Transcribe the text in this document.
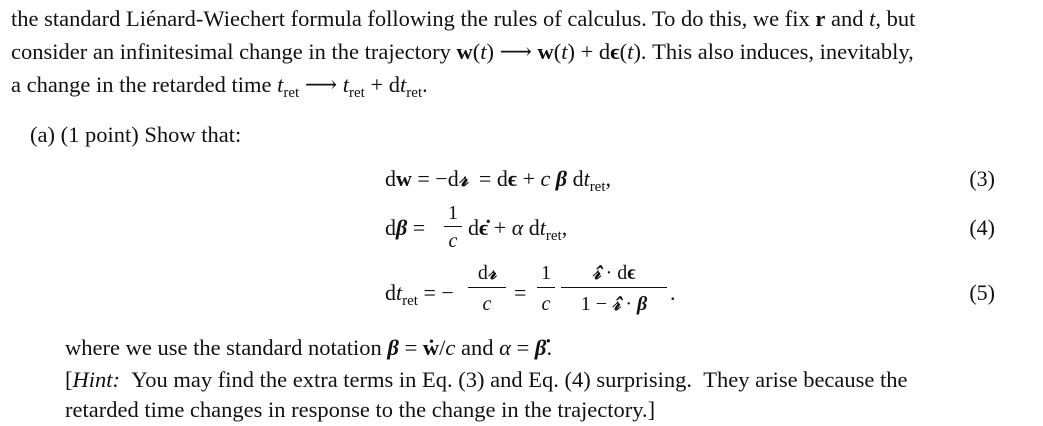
the standard Liénard-Wiechert formula following the rules of calculus. To do this, we fix r and t, but
consider an infinitesimal change in the trajectory w(t) ⟶ w(t) + dϵ(t). This also induces, inevitably,
a change in the retarded time $t_{ret}$ ⟶ $t_{ret} + dt_{ret}$.
(a) (1 point) Show that:
dw = −d𝓇  = dϵ + c β $dt_{ret}$,	(3)
dβ =
1
c
dϵ̇ + α $dt_{ret}$,	(4)
$dt_{ret}$ = −
d𝓇
c	=
1
c
𝓇̂ · dϵ
1 − 𝓇̂ · β	.	(5)
where we use the standard notation β = ẇ/c and α = β̇.
[Hint:  You may find the extra terms in Eq. (3) and Eq. (4) surprising.  They arise because the
retarded time changes in response to the change in the trajectory.]
